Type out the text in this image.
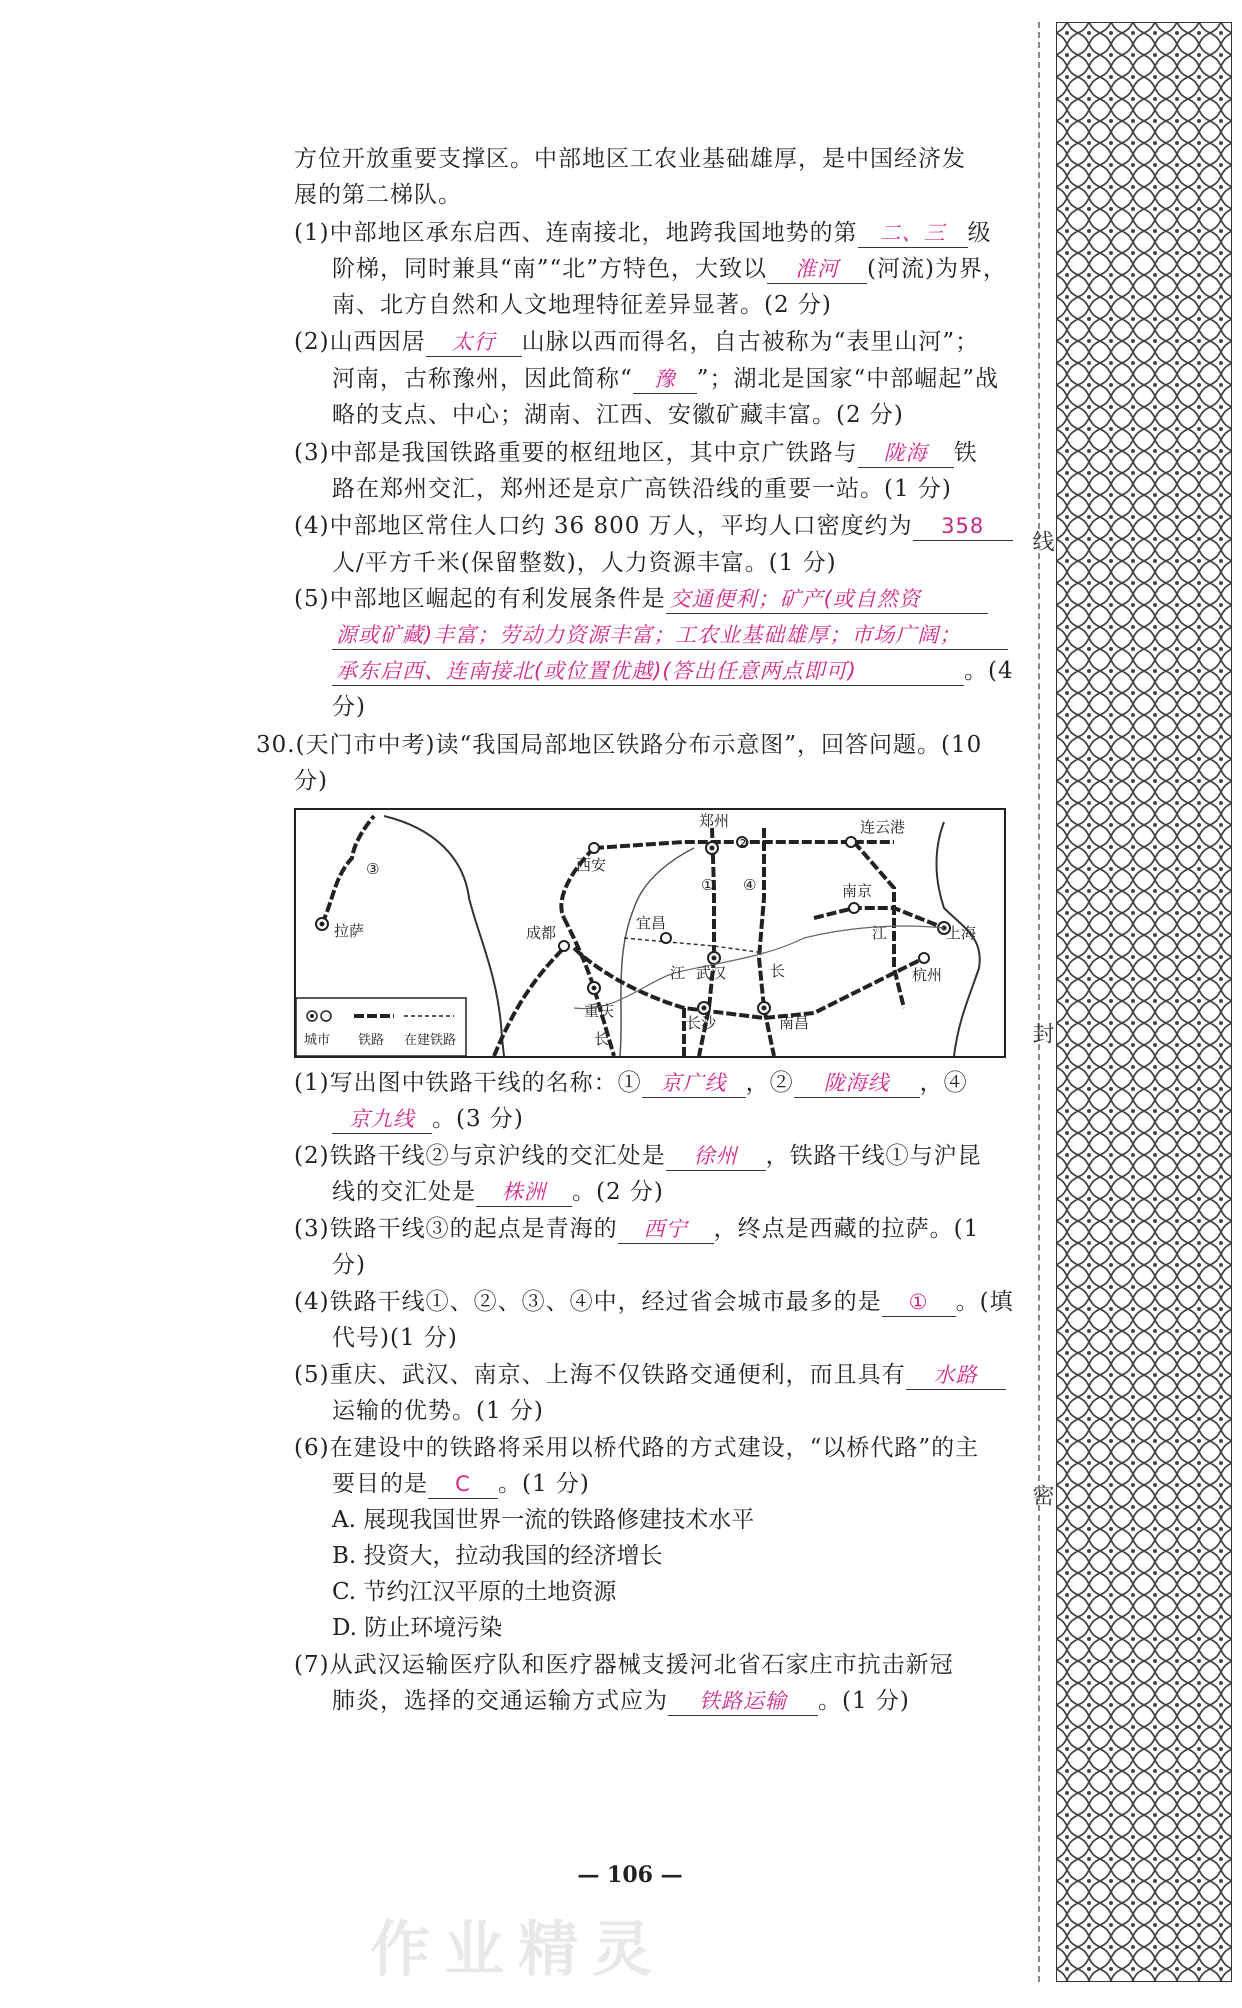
方位开放重要支撑区。中部地区工农业基础雄厚，是中国经济发
展的第二梯队。
(1)中部地区承东启西、连南接北，地跨我国地势的第 二、三 级
阶梯，同时兼具“南”“北”方特色，大致以 淮河 (河流)为界，
南、北方自然和人文地理特征差异显著。(2 分)
(2)山西因居 太行 山脉以西而得名，自古被称为“表里山河”；
河南，古称豫州，因此简称“ 豫 ”；湖北是国家“中部崛起”战
略的支点、中心；湖南、江西、安徽矿藏丰富。(2 分)
(3)中部是我国铁路重要的枢纽地区，其中京广铁路与 陇海 铁
路在郑州交汇，郑州还是京广高铁沿线的重要一站。(1 分)
(4)中部地区常住人口约 36 800 万人，平均人口密度约为 358
人/平方千米(保留整数)，人力资源丰富。(1 分)
(5)中部地区崛起的有利发展条件是 交通便利；矿产(或自然资
源或矿藏)丰富；劳动力资源丰富；工农业基础雄厚；市场广阔；
承东启西、连南接北(或位置优越)(答出任意两点即可)	。(4
分)
30.(天门市中考)读“我国局部地区铁路分布示意图”，回答问题。(10
分)
郑州	连云港
西安
南京
成都
宜昌
上海
武汉	杭州
重庆
长沙	南昌
拉萨	江
江	长
长
②
① ④
③
城市 铁路 在建铁路
(1)写出图中铁路干线的名称：① 京广线 ，② 陇海线 ，④
京九线 。(3 分)
(2)铁路干线②与京沪线的交汇处是 徐州 ，铁路干线①与沪昆
线的交汇处是 株洲 。(2 分)
(3)铁路干线③的起点是青海的 西宁 ，终点是西藏的拉萨。(1
分)
(4)铁路干线①、②、③、④中，经过省会城市最多的是 ① 。(填
代号)(1 分)
(5)重庆、武汉、南京、上海不仅铁路交通便利，而且具有 水路
运输的优势。(1 分)
(6)在建设中的铁路将采用以桥代路的方式建设，“以桥代路”的主
要目的是 C 。(1 分)
A. 展现我国世界一流的铁路修建技术水平
B. 投资大，拉动我国的经济增长
C. 节约江汉平原的土地资源
D. 防止环境污染
(7)从武汉运输医疗队和医疗器械支援河北省石家庄市抗击新冠
肺炎，选择的交通运输方式应为 铁路运输 。(1 分)
— 106 —
作业精灵
线
封
密
